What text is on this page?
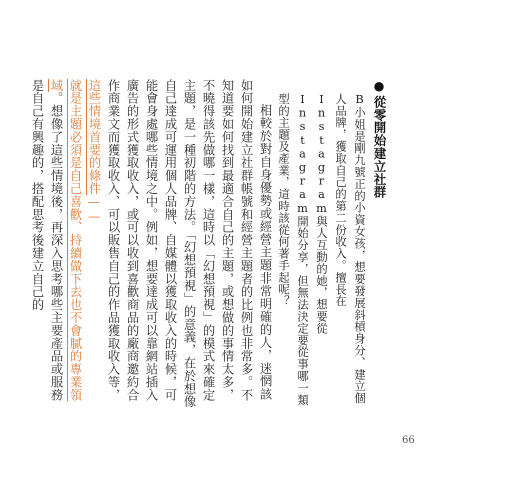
●從零開始建立社群
B小姐是剛九號正的小資女孩，想要發展斜槓身分、建立個人品牌，獲取自己的第二份收入。擅長在Instagram與人互動的她，想要從Instagram開始分享，但無法決定要從事哪一類型的主題及產業，這時該從何著手起呢？
相較於對自身優勢或經營主題非常明確的人，迷惘該如何開始建立社群帳號和經營主題者的比例也非常多。不知道要如何找到最適合自己的主題，或想做的事情太多，不曉得該先做哪一樣，這時以「幻想預視」的模式來確定主題，是一種初階的方法。「幻想預視」的意義，在於想像自己達成可運用個人品牌、自媒體以獲取收入的時候，可能會身處哪些情境之中。例如，想要達成可以靠網站插入廣告的形式獲取收入，或可以收到喜歡商品的廠商邀約合作商業文而獲取收入、可以販售自己的作品獲取收入等，這些情境首要的條件——
就是主題必須是自己喜歡、持續做下去也不會膩的專業領域。想像了這些情境後，再深入思考哪些主要產品或服務是自己有興趣的，搭配思考後建立自己的
66
